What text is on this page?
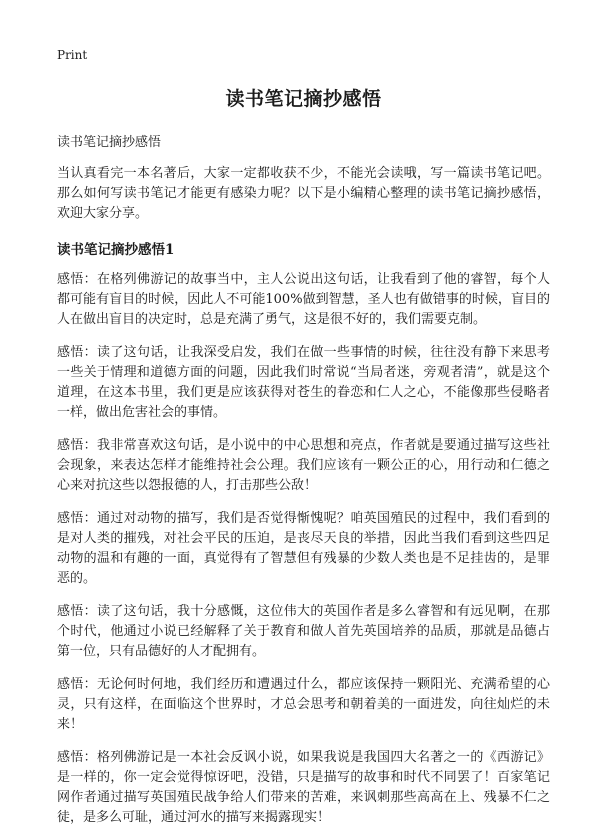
Print
读书笔记摘抄感悟
读书笔记摘抄感悟

当认真看完一本名著后，大家一定都收获不少，不能光会读哦，写一篇读书笔记吧。那么如何写读书笔记才能更有感染力呢？以下是小编精心整理的读书笔记摘抄感悟，欢迎大家分享。

读书笔记摘抄感悟1

感悟：在格列佛游记的故事当中，主人公说出这句话，让我看到了他的睿智，每个人都可能有盲目的时候，因此人不可能100%做到智慧，圣人也有做错事的时候，盲目的人在做出盲目的决定时，总是充满了勇气，这是很不好的，我们需要克制。

感悟：读了这句话，让我深受启发，我们在做一些事情的时候，往往没有静下来思考一些关于情理和道德方面的问题，因此我们时常说“当局者迷，旁观者清”，就是这个道理，在这本书里，我们更是应该获得对苍生的眷恋和仁人之心，不能像那些侵略者一样，做出危害社会的事情。

感悟：我非常喜欢这句话，是小说中的中心思想和亮点，作者就是要通过描写这些社会现象，来表达怎样才能维持社会公理。我们应该有一颗公正的心，用行动和仁德之心来对抗这些以怨报德的人，打击那些公敌！

感悟：通过对动物的描写，我们是否觉得惭愧呢？咱英国殖民的过程中，我们看到的是对人类的摧残，对社会平民的压迫，是丧尽天良的举措，因此当我们看到这些四足动物的温和有趣的一面，真觉得有了智慧但有残暴的少数人类也是不足挂齿的，是罪恶的。

感悟：读了这句话，我十分感慨，这位伟大的英国作者是多么睿智和有远见啊，在那个时代，他通过小说已经解释了关于教育和做人首先英国培养的品质，那就是品德占第一位，只有品德好的人才配拥有。

感悟：无论何时何地，我们经历和遭遇过什么，都应该保持一颗阳光、充满希望的心灵，只有这样，在面临这个世界时，才总会思考和朝着美的一面进发，向往灿烂的未来！

感悟：格列佛游记是一本社会反讽小说，如果我说是我国四大名著之一的《西游记》是一样的，你一定会觉得惊讶吧，没错，只是描写的故事和时代不同罢了！百家笔记网作者通过描写英国殖民战争给人们带来的苦难，来讽刺那些高高在上、残暴不仁之徒，是多么可耻，通过河水的描写来揭露现实！
